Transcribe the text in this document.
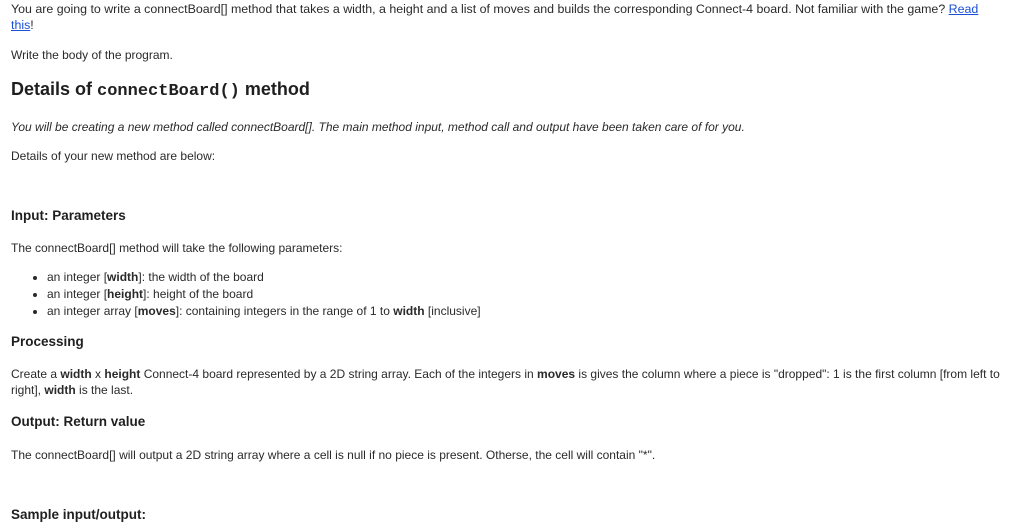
You are going to write a connectBoard[] method that takes a width, a height and a list of moves and builds the corresponding Connect-4 board. Not familiar with the game? Read this!

Write the body of the program.

Details of connectBoard() method

You will be creating a new method called connectBoard[]. The main method input, method call and output have been taken care of for you.

Details of your new method are below:

Input: Parameters

The connectBoard[] method will take the following parameters:

• an integer [width]: the width of the board
• an integer [height]: height of the board
• an integer array [moves]: containing integers in the range of 1 to width [inclusive]
Processing

Create a width x height Connect-4 board represented by a 2D string array. Each of the integers in moves is gives the column where a piece is "dropped": 1 is the first column [from left to right], width is the last.

Output: Return value

The connectBoard[] will output a 2D string array where a cell is null if no piece is present. Otherse, the cell will contain "*".

Sample input/output:
